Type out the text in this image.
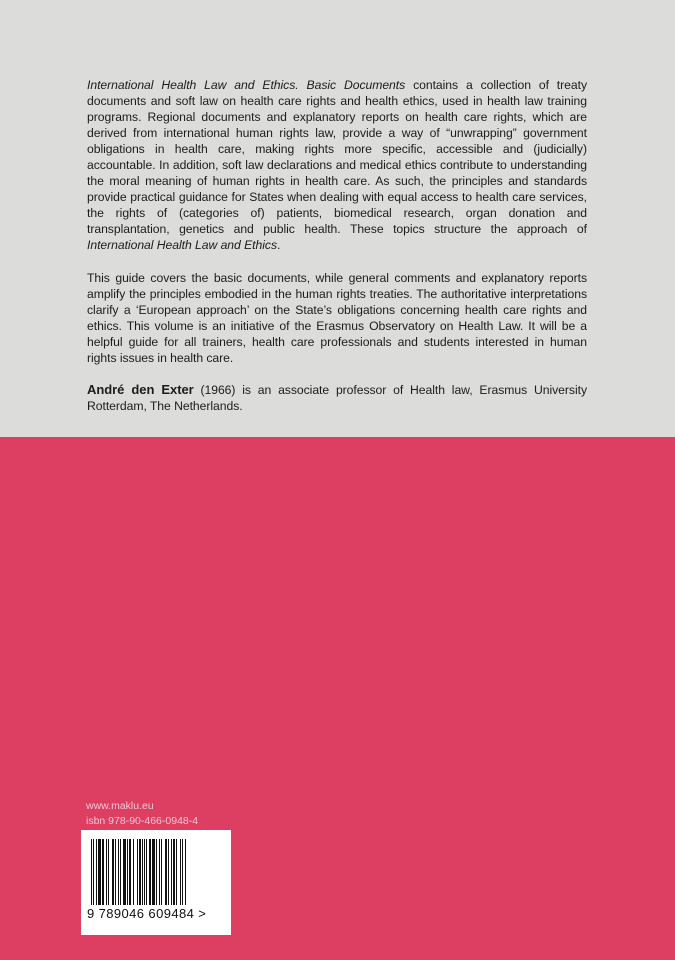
International Health Law and Ethics. Basic Documents contains a collection of treaty documents and soft law on health care rights and health ethics, used in health law training programs. Regional documents and explanatory reports on health care rights, which are derived from international human rights law, provide a way of “unwrapping” government obligations in health care, making rights more specific, accessible and (judicially) accountable. In addition, soft law declarations and medical ethics contribute to understanding the moral meaning of human rights in health care. As such, the principles and standards provide practical guidance for States when dealing with equal access to health care services, the rights of (categories of) patients, biomedical research, organ donation and transplantation, genetics and public health. These topics structure the approach of International Health Law and Ethics.

This guide covers the basic documents, while general comments and explanatory reports amplify the principles embodied in the human rights treaties. The authoritative interpretations clarify a ‘European approach’ on the State’s obligations concerning health care rights and ethics. This volume is an initiative of the Erasmus Observatory on Health Law. It will be a helpful guide for all trainers, health care professionals and students interested in human rights issues in health care.

André den Exter (1966) is an associate professor of Health law, Erasmus University Rotterdam, The Netherlands.

www.maklu.eu
isbn 978-90-466-0948-4
9 789046 609484 >
